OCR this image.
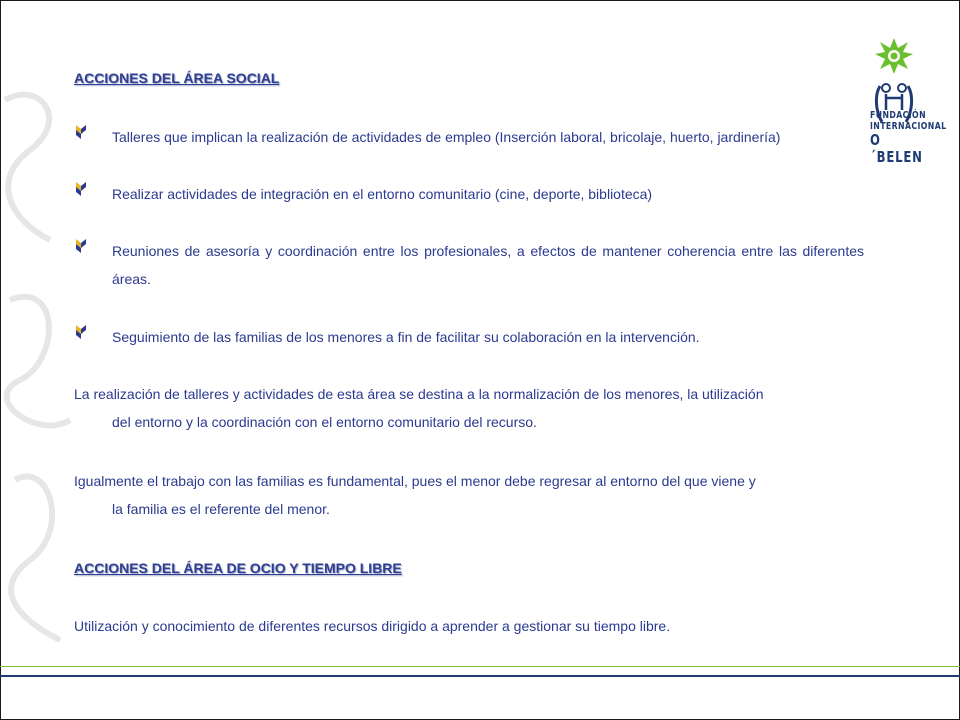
FUNDACIÓN
INTERNACIONAL
O´BELEN
ACCIONES DEL ÁREA SOCIAL
Talleres que implican la realización de actividades de empleo (Inserción laboral, bricolaje, huerto, jardinería)
Realizar actividades de integración en el entorno comunitario (cine, deporte, biblioteca)
Reuniones de asesoría y coordinación entre los profesionales, a efectos de mantener coherencia entre las diferentes áreas.
Seguimiento de las familias de los menores a fin de facilitar su colaboración en la intervención.

La realización de talleres y actividades de esta área se destina a la normalización de los menores, la utilización
del entorno y la coordinación con el entorno comunitario del recurso.

Igualmente el trabajo con las familias es fundamental, pues el menor debe regresar al entorno del que viene y
la familia es el referente del menor.

ACCIONES DEL ÁREA DE OCIO Y TIEMPO LIBRE

Utilización y conocimiento de diferentes recursos dirigido a aprender a gestionar su tiempo libre.
